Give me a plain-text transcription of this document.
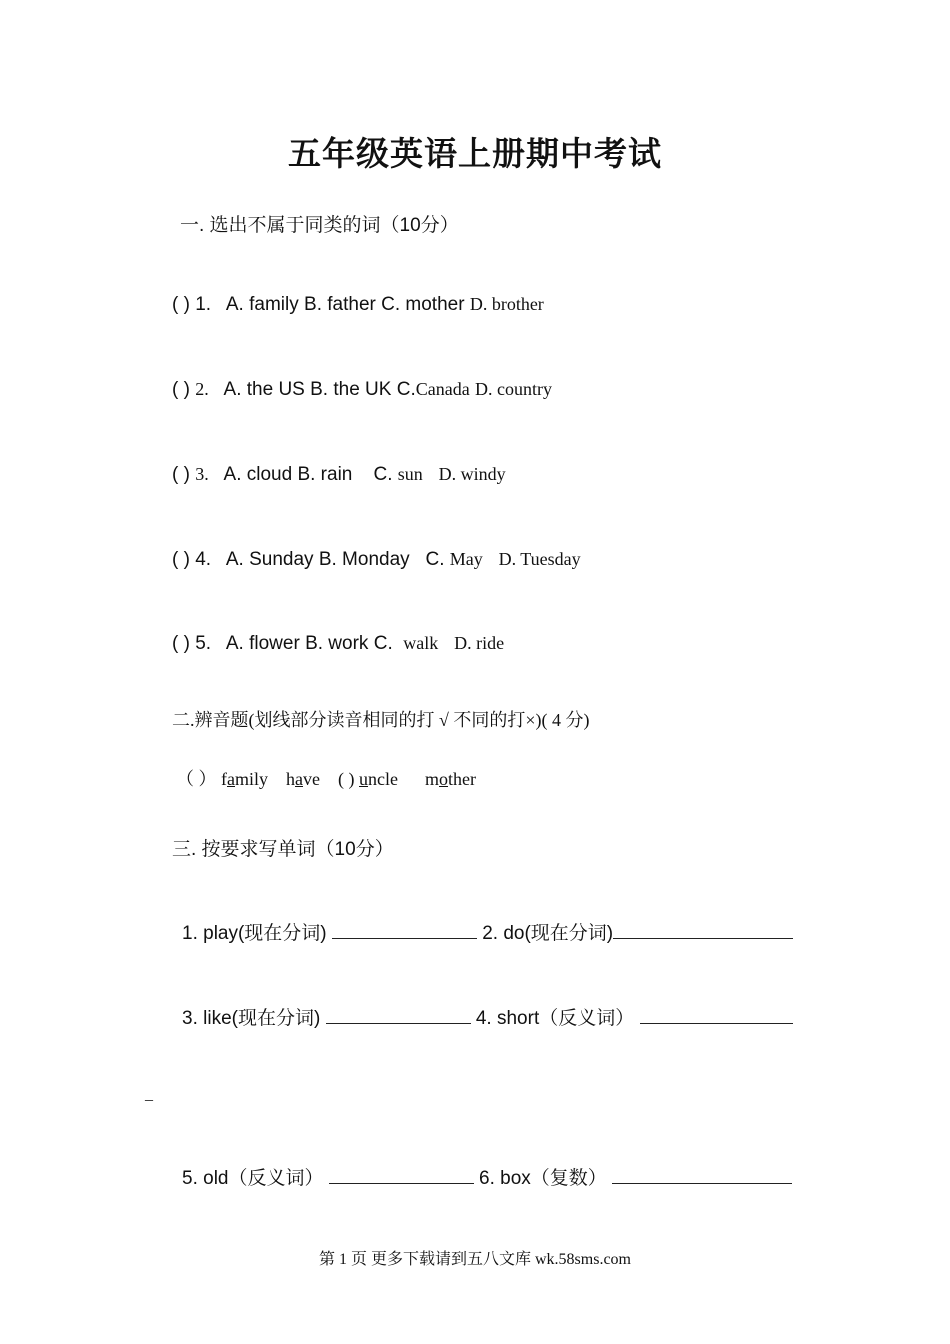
五年级英语上册期中考试
一. 选出不属于同类的词（10分）
( ) 1. A. family B. father C. mother D. brother
( ) 2. A. the US B. the UK C.Canada D. country
( ) 3. A. cloud B. rain C. sun D. windy
( ) 4. A. Sunday B. Monday C. May D. Tuesday
( ) 5. A. flower B. work C. walk D. ride
二.辨音题(划线部分读音相同的打 √ 不同的打×)( 4 分)
（ ） family have ( ) uncle mother
三. 按要求写单词（10分）
1. play(现在分词)	2. do(现在分词)
3. like(现在分词)	4. short（反义词）
_
5. old（反义词）	6. box（复数）
第 1 页 更多下载请到五八文库 wk.58sms.com
